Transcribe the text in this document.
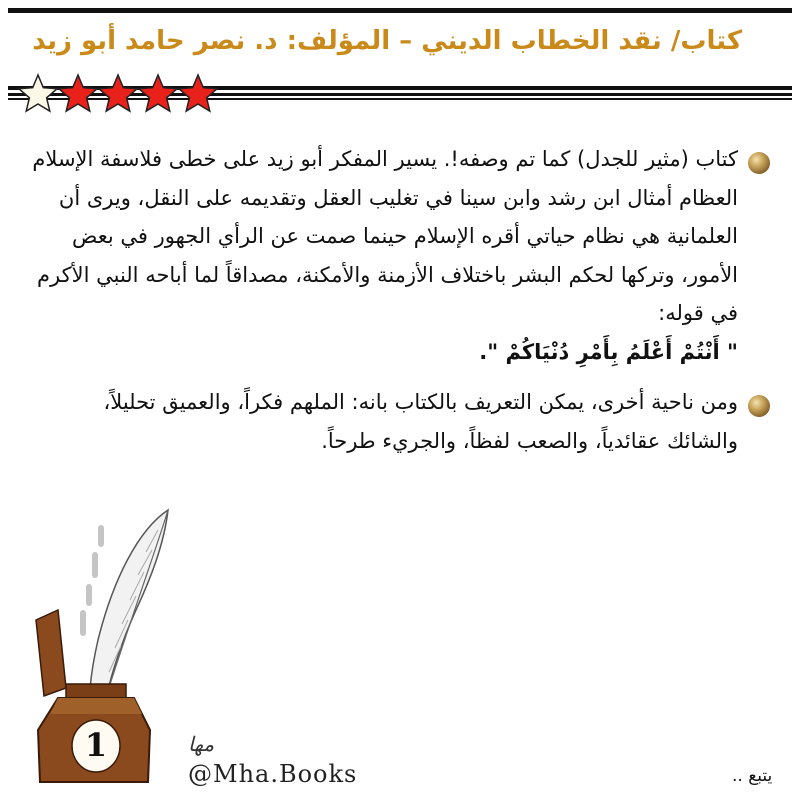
كتاب/ نقد الخطاب الديني – المؤلف: د. نصر حامد أبو زيد
كتاب (مثير للجدل) كما تم وصفه!. يسير المفكر أبو زيد على خطى فلاسفة الإسلام العظام أمثال ابن رشد وابن سينا في تغليب العقل وتقديمه على النقل، ويرى أن العلمانية هي نظام حياتي أقره الإسلام حينما صمت عن الرأي الجهور في بعض الأمور، وتركها لحكم البشر باختلاف الأزمنة والأمكنة، مصداقاً لما أباحه النبي الأكرم في قوله:
" أَنْتُمْ أَعْلَمُ بِأَمْرِ دُنْيَاكُمْ ".
ومن ناحية أخرى، يمكن التعريف بالكتاب بانه: الملهم فكراً، والعميق تحليلاً، والشائك عقائدياً، والصعب لفظاً، والجريء طرحاً.
1	مها
@Mha.Books	يتبع ..
